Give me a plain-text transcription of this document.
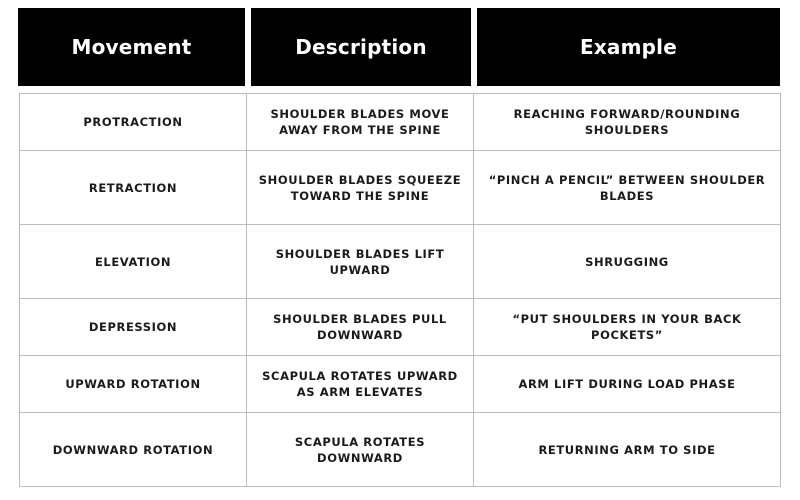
Movement	Description	Example
PROTRACTION	SHOULDER BLADES MOVE AWAY FROM THE SPINE	REACHING FORWARD/ROUNDING SHOULDERS
RETRACTION	SHOULDER BLADES SQUEEZE TOWARD THE SPINE	“PINCH A PENCIL” BETWEEN SHOULDER BLADES
ELEVATION	SHOULDER BLADES LIFT UPWARD	SHRUGGING
DEPRESSION	SHOULDER BLADES PULL DOWNWARD	“PUT SHOULDERS IN YOUR BACK POCKETS”
UPWARD ROTATION	SCAPULA ROTATES UPWARD AS ARM ELEVATES	ARM LIFT DURING LOAD PHASE
DOWNWARD ROTATION	SCAPULA ROTATES DOWNWARD	RETURNING ARM TO SIDE
